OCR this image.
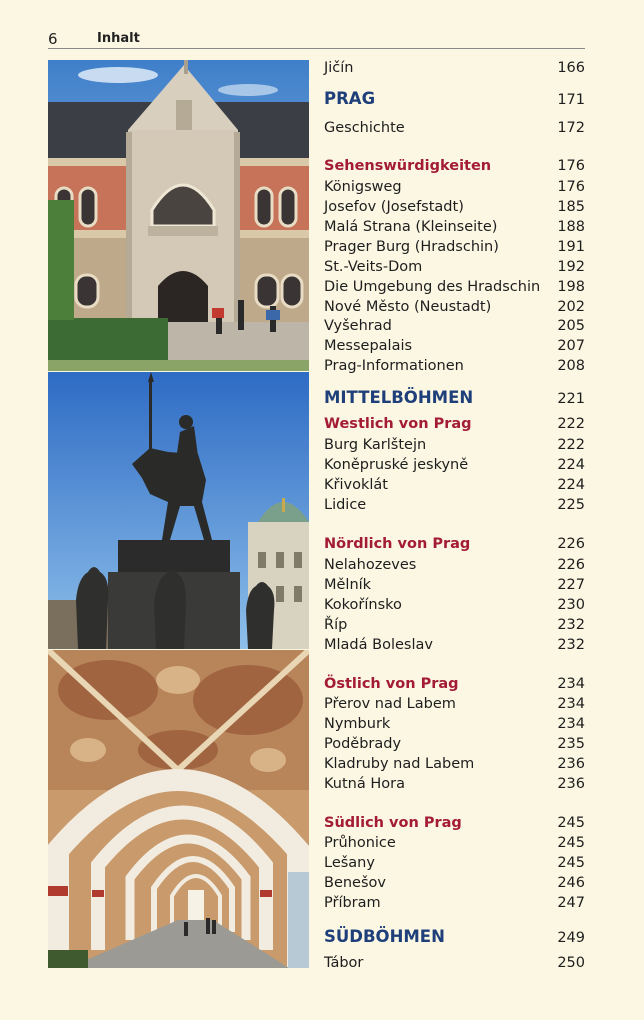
6	Inhalt
Jičín	166
PRAG	171
Geschichte	172
Sehenswürdigkeiten	176
Königsweg	176
Josefov (Josefstadt)	185
Malá Strana (Kleinseite)	188
Prager Burg (Hradschin)	191
St.-Veits-Dom	192
Die Umgebung des Hradschin 198
Nové Město (Neustadt)	202
Vyšehrad	205
Messepalais	207
Prag-Informationen	208
MITTELBÖHMEN	221
Westlich von Prag	222
Burg Karlštejn	222
Koněpruské jeskyně	224
Křivoklát	224
Lidice	225
Nördlich von Prag	226
Nelahozeves	226
Mělník	227
Kokořínsko	230
Říp	232
Mladá Boleslav	232
Östlich von Prag	234
Přerov nad Labem	234
Nymburk	234
Poděbrady	235
Kladruby nad Labem	236
Kutná Hora	236
Südlich von Prag	245
Průhonice	245
Lešany	245
Benešov	246
Příbram	247
SÜDBÖHMEN	249
Tábor	250
